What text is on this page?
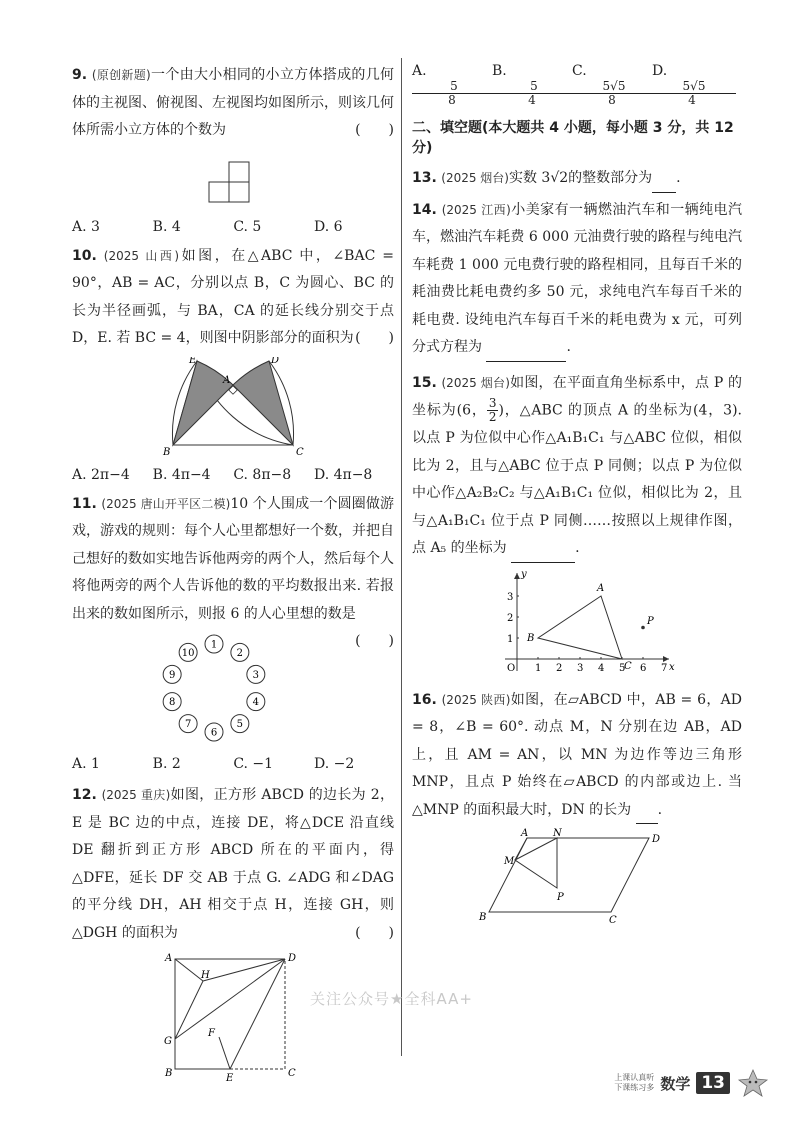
9. (原创新题)一个由大小相同的小立方体搭成的几何体的主视图、俯视图、左视图均如图所示，则该几何体所需小立方体的个数为	(　　)
A. 3	B. 4	C. 5	D. 6
10. (2025 山西)如图，在△ABC 中，∠BAC = 90°，AB = AC，分别以点 B，C 为圆心、BC 的长为半径画弧，与 BA，CA 的延长线分别交于点 D，E. 若 BC = 4，则图中阴影部分的面积为 (　　)
E	D
A
B	C
A. 2π−4	B. 4π−4	C. 8π−8	D. 4π−8
11. (2025 唐山开平区二模)10 个人围成一个圆圈做游戏，游戏的规则：每个人心里都想好一个数，并把自己想好的数如实地告诉他两旁的两个人，然后每个人将他两旁的两个人告诉他的数的平均数报出来. 若报出来的数如图所示，则报 6 的人心里想的数是
(　　)
1
2
3
4
5
6
7
8
9
10
A. 1	B. 2	C. −1	D. −2
12. (2025 重庆)如图，正方形 ABCD 的边长为 2，E 是 BC 边的中点，连接 DE，将△DCE 沿直线 DE 翻折到正方形 ABCD 所在的平面内，得△DFE，延长 DF 交 AB 于点 G. ∠ADG 和∠DAG 的平分线 DH，AH 相交于点 H，连接 GH，则△DGH 的面积为	(　　)
A	D
H
F
G
B	E	C
A.
$\frac{5}{8}$
B.
$\frac{5}{4}$
C.
$\frac{5√5}{8}$
D.
$\frac{5√5}{4}$
二、填空题(本大题共 4 小题，每小题 3 分，共 12 分)
13. (2025 烟台)实数 3√2的整数部分为 .
14. (2025 江西)小美家有一辆燃油汽车和一辆纯电汽车，燃油汽车耗费 6 000 元油费行驶的路程与纯电汽车耗费 1 000 元电费行驶的路程相同，且每百千米的耗油费比耗电费约多 50 元，求纯电汽车每百千米的耗电费. 设纯电汽车每百千米的耗电费为 x 元，可列分式方程为	.
15. (2025 烟台)如图，在平面直角坐标系中，点 P 的坐标为(6， $\frac{3}{2}$ )，△ABC 的顶点 A 的坐标为(4，3). 以点 P 为位似中心作△A₁B₁C₁ 与△ABC 位似，相似比为 2，且与△ABC 位于点 P 同侧；以点 P 为位似中心作△A₂B₂C₂ 与△A₁B₁C₁ 位似，相似比为 2，且与△A₁B₁C₁ 位于点 P 同侧……按照以上规律作图，点 A₅ 的坐标为	.
1 2 3 4 5 6 7
1
2
3
O	x
y
A
B
C
P
16. (2025 陕西)如图，在▱ABCD 中，AB = 6，AD = 8，∠B = 60°. 动点 M，N 分别在边 AB，AD 上，且 AM = AN，以 MN 为边作等边三角形 MNP，且点 P 始终在▱ABCD 的内部或边上. 当△MNP 的面积最大时，DN 的长为 .
A N
D
M
P
B	C
关注公众号★全科AA+
上课认真听
下课练习多 数学 13
